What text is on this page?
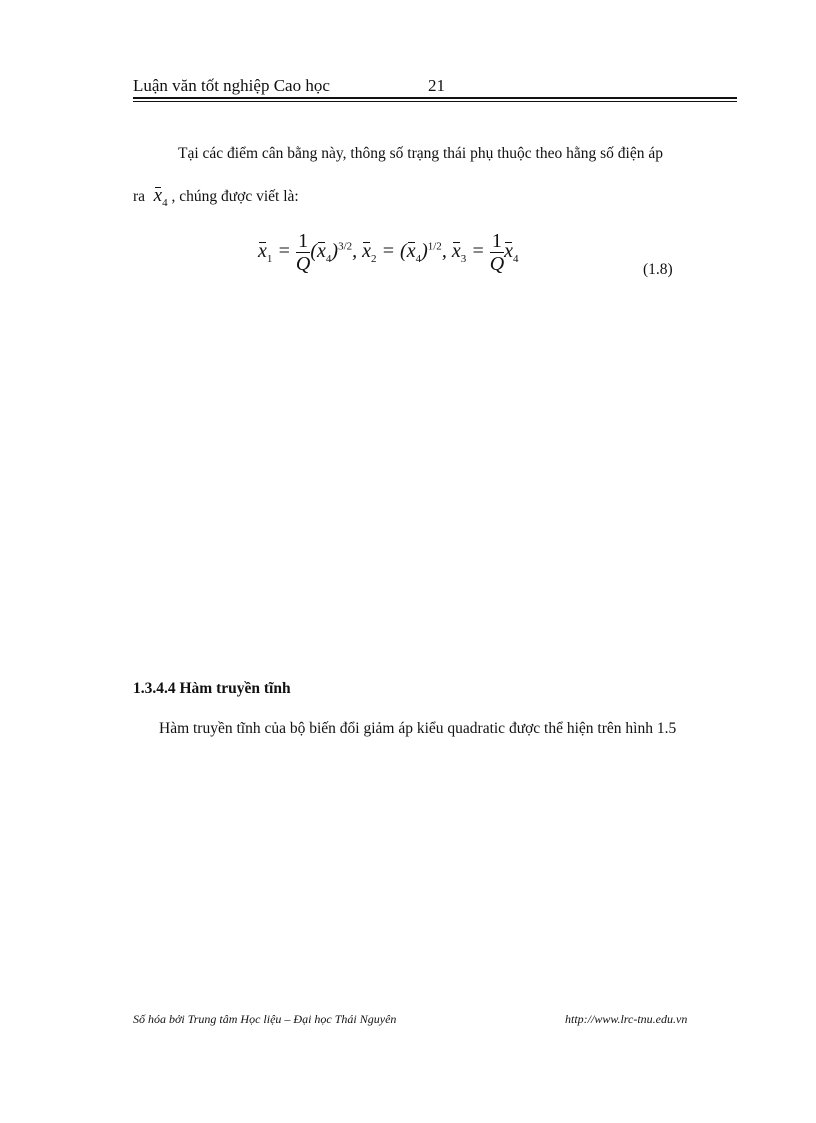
Luận văn tốt nghiệp Cao học	21
Tại các điểm cân bằng này, thông số trạng thái phụ thuộc theo hằng số điện áp
ra $x_4$ , chúng được viết là:
$x_1 = \frac{1}{Q} (x_4)^{3/2}$, $x_2 = (x_4)^{1/2}$, $x_3 = \frac{1}{Q} x_4$
(1.8)
1.3.4.4 Hàm truyền tĩnh
Hàm truyền tĩnh của bộ biến đổi giảm áp kiểu quadratic được thể hiện trên hình 1.5
Số hóa bởi Trung tâm Học liệu – Đại học Thái Nguyên	http://www.lrc-tnu.edu.vn
